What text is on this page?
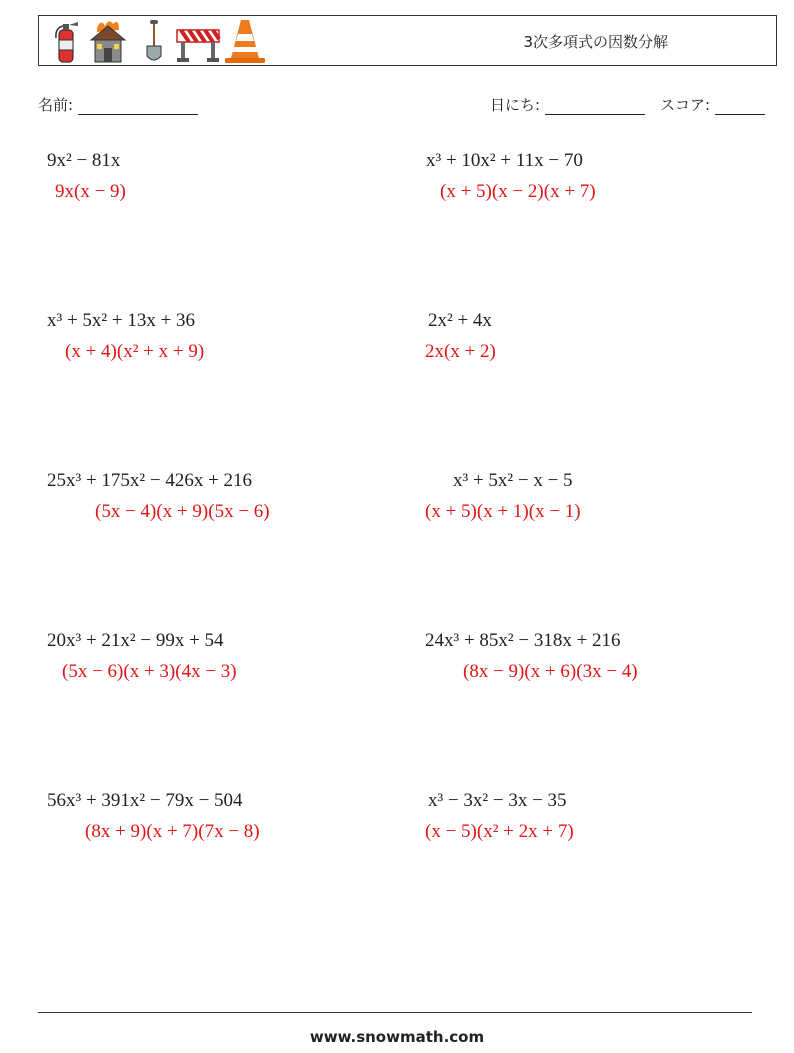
3次多項式の因数分解
名前:	日にち:	スコア:
9x² − 81x
9x(x − 9)
x³ + 5x² + 13x + 36
(x + 4)(x² + x + 9)
25x³ + 175x² − 426x + 216
(5x − 4)(x + 9)(5x − 6)
20x³ + 21x² − 99x + 54
(5x − 6)(x + 3)(4x − 3)
56x³ + 391x² − 79x − 504
(8x + 9)(x + 7)(7x − 8)
x³ + 10x² + 11x − 70
(x + 5)(x − 2)(x + 7)
2x² + 4x
2x(x + 2)
x³ + 5x² − x − 5
(x + 5)(x + 1)(x − 1)
24x³ + 85x² − 318x + 216
(8x − 9)(x + 6)(3x − 4)
x³ − 3x² − 3x − 35
(x − 5)(x² + 2x + 7)
www.snowmath.com
